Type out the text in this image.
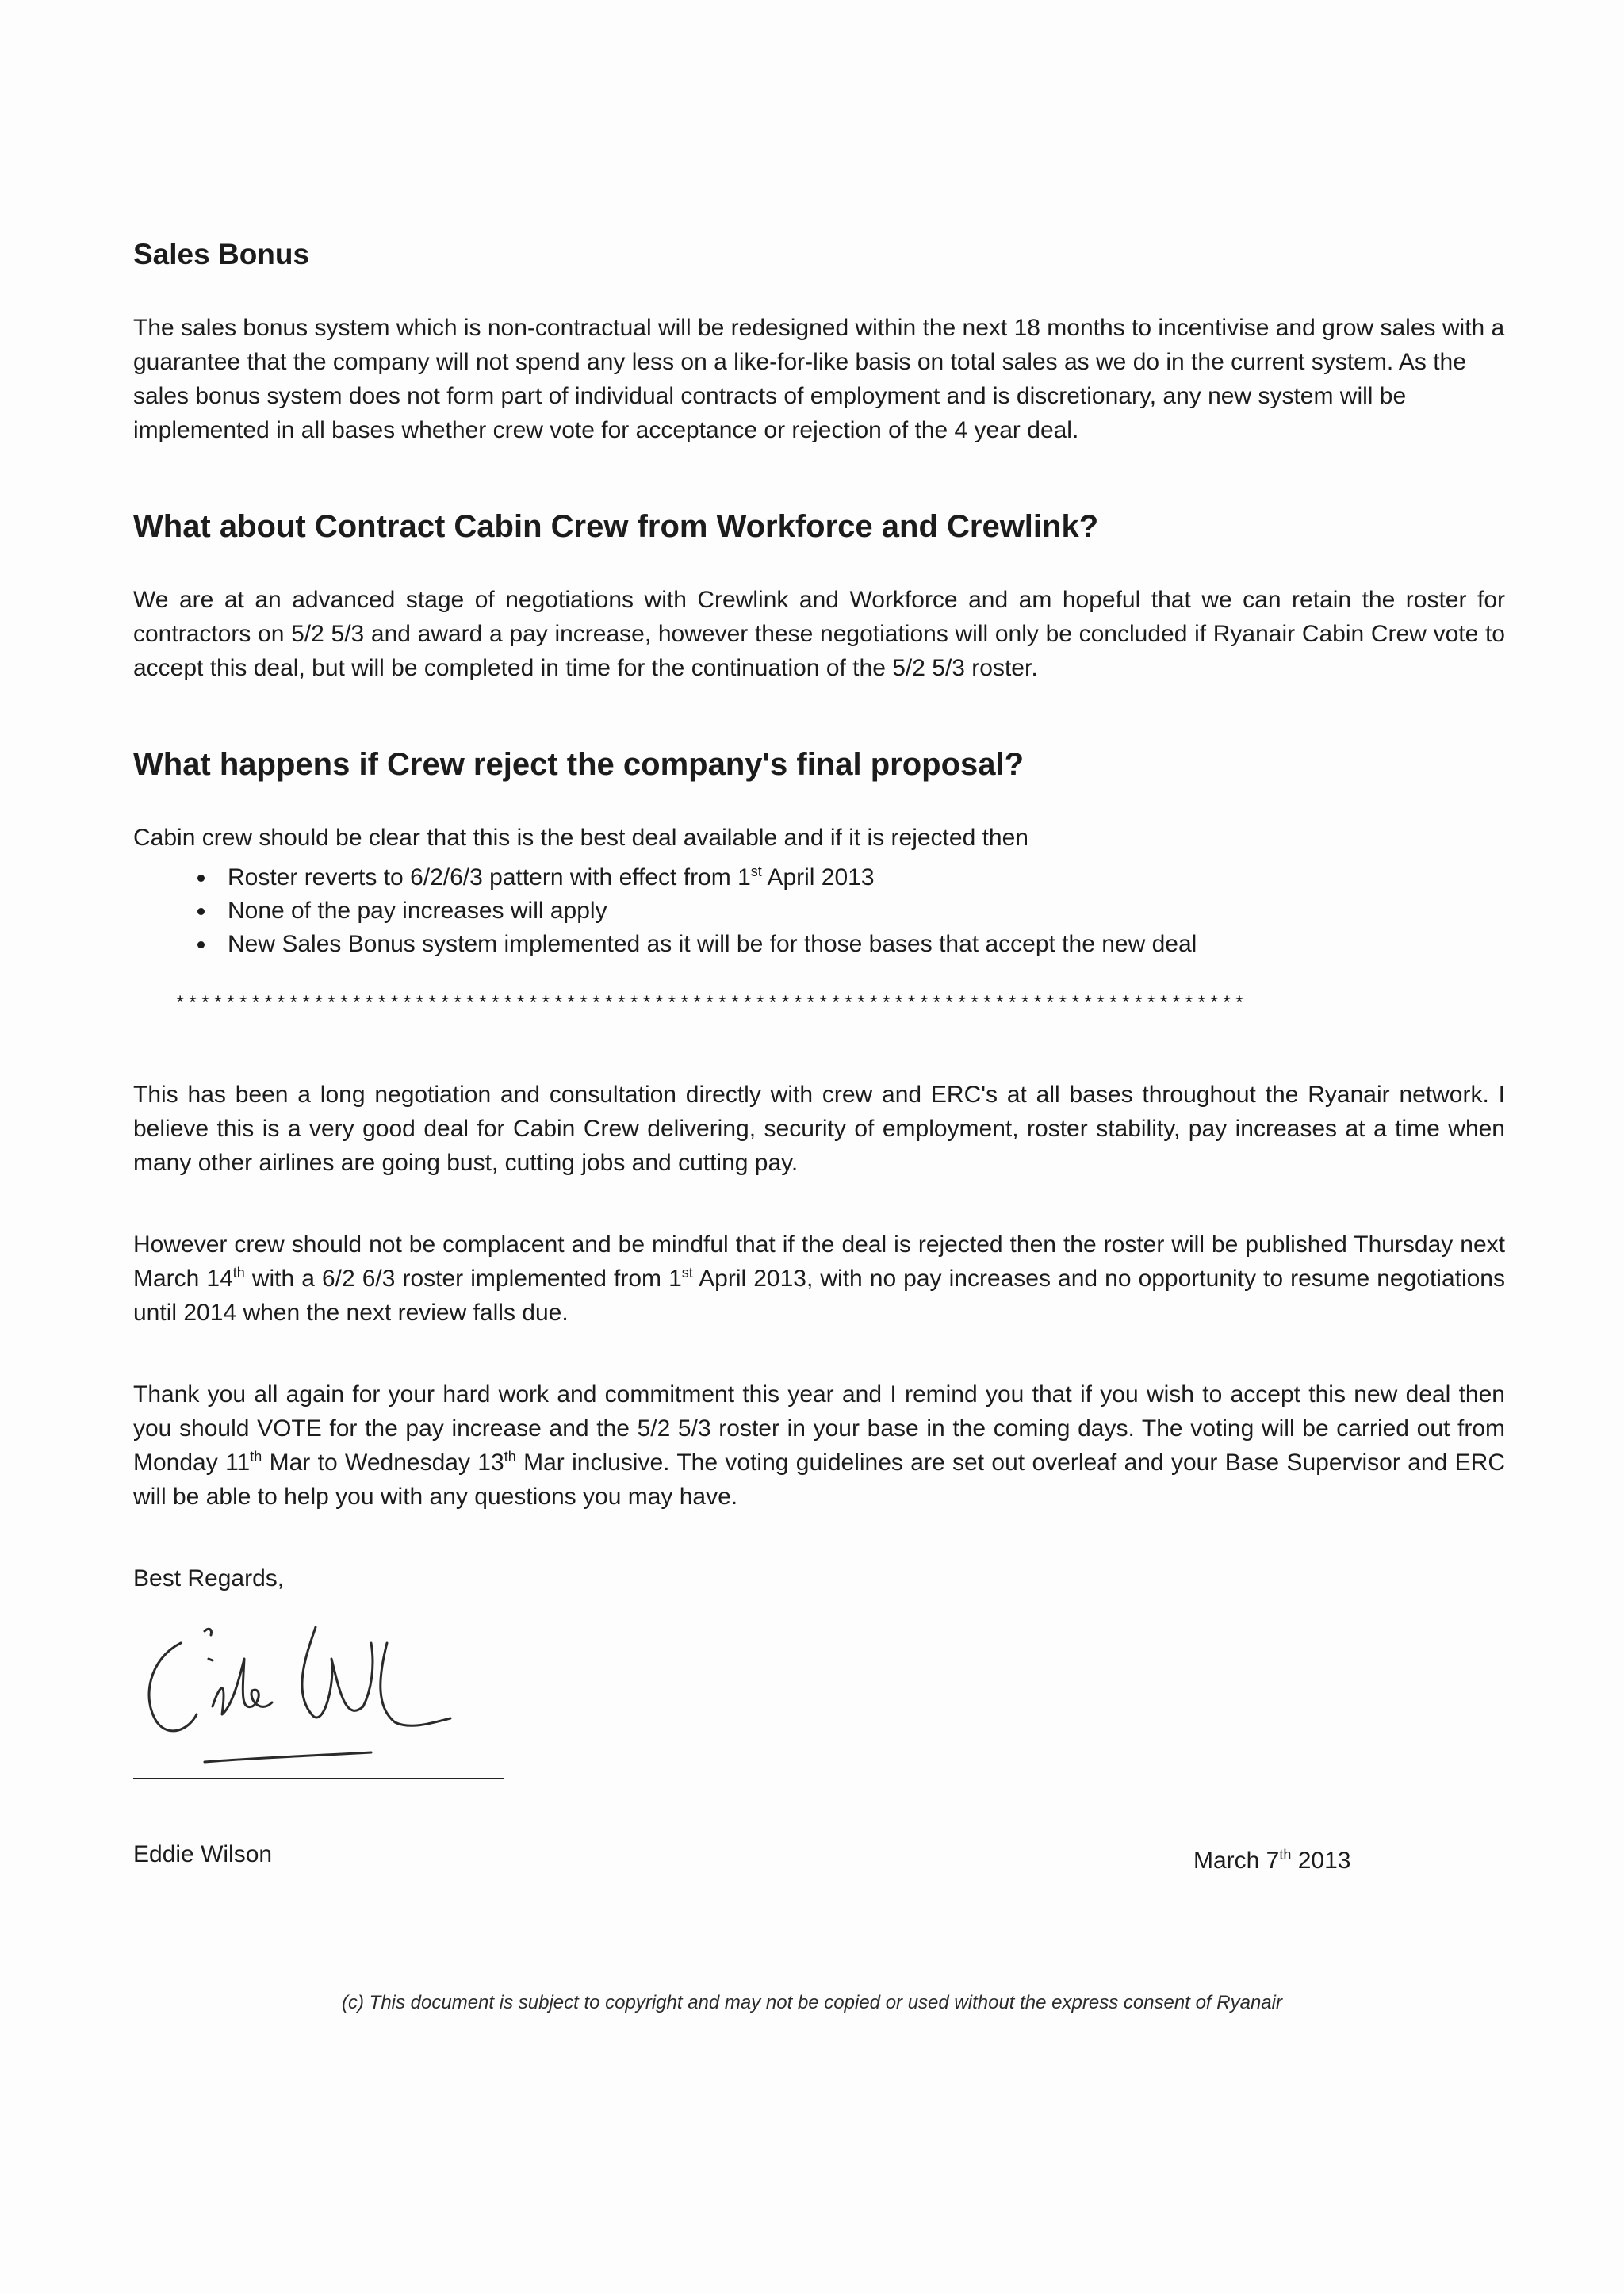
Sales Bonus

The sales bonus system which is non-contractual will be redesigned within the next 18 months to incentivise and grow sales with a guarantee that the company will not spend any less on a like-for-like basis on total sales as we do in the current system. As the sales bonus system does not form part of individual contracts of employment and is discretionary, any new system will be implemented in all bases whether crew vote for acceptance or rejection of the 4 year deal.

What about Contract Cabin Crew from Workforce and Crewlink?

We are at an advanced stage of negotiations with Crewlink and Workforce and am hopeful that we can retain the roster for contractors on 5/2 5/3 and award a pay increase, however these negotiations will only be concluded if Ryanair Cabin Crew vote to accept this deal, but will be completed in time for the continuation of the 5/2 5/3 roster.

What happens if Crew reject the company's final proposal?

Cabin crew should be clear that this is the best deal available and if it is rejected then

• Roster reverts to 6/2/6/3 pattern with effect from 1st April 2013
• None of the pay increases will apply
• New Sales Bonus system implemented as it will be for those bases that accept the new deal
*************************************************************************************

This has been a long negotiation and consultation directly with crew and ERC's at all bases throughout the Ryanair network. I believe this is a very good deal for Cabin Crew delivering, security of employment, roster stability, pay increases at a time when many other airlines are going bust, cutting jobs and cutting pay.

However crew should not be complacent and be mindful that if the deal is rejected then the roster will be published Thursday next March 14th with a 6/2 6/3 roster implemented from 1st April 2013, with no pay increases and no opportunity to resume negotiations until 2014 when the next review falls due.

Thank you all again for your hard work and commitment this year and I remind you that if you wish to accept this new deal then you should VOTE for the pay increase and the 5/2 5/3 roster in your base in the coming days. The voting will be carried out from Monday 11th Mar to Wednesday 13th Mar inclusive. The voting guidelines are set out overleaf and your Base Supervisor and ERC will be able to help you with any questions you may have.

Best Regards,

Eddie Wilson	March 7th 2013
(c) This document is subject to copyright and may not be copied or used without the express consent of Ryanair
